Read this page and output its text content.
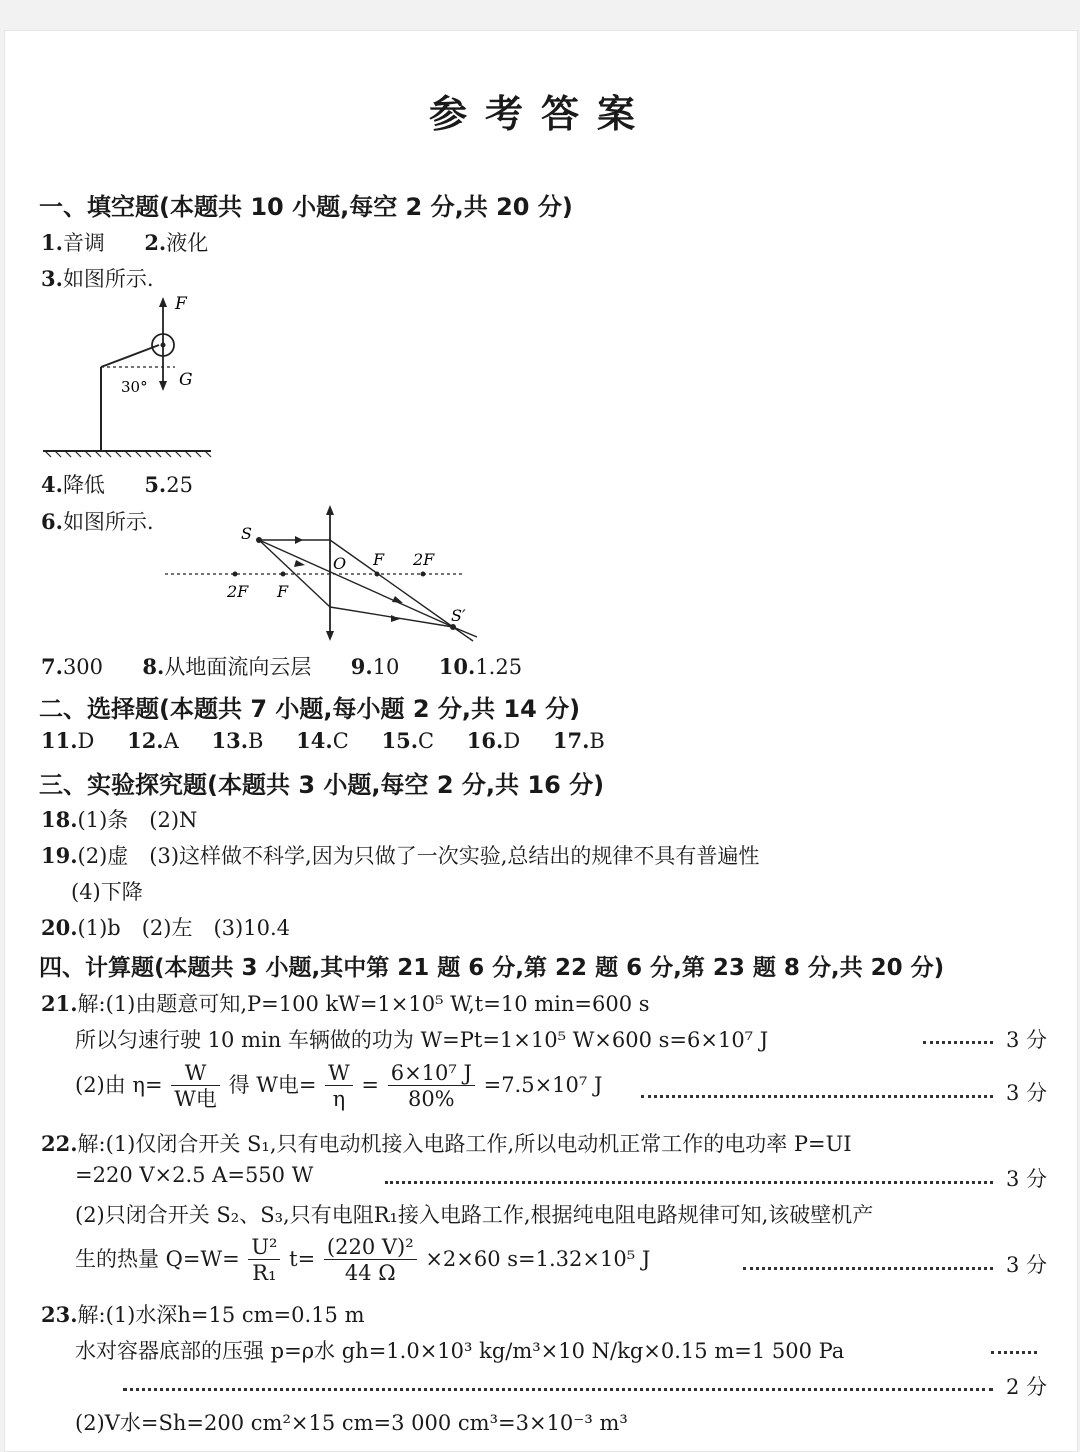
参考答案
一、填空题(本题共 10 小题,每空 2 分,共 20 分)
1.音调 2.液化
3.如图所示.
F
G
30°
4.降低 5.25
6.如图所示.	S
S′
O F 2F
2F F
7.300 8.从地面流向云层 9.10 10.1.25
二、选择题(本题共 7 小题,每小题 2 分,共 14 分)
11.D 12.A 13.B 14.C 15.C 16.D 17.B
三、实验探究题(本题共 3 小题,每空 2 分,共 16 分)
18.(1)条　(2)N
19.(2)虚　(3)这样做不科学,因为只做了一次实验,总结出的规律不具有普遍性
(4)下降
20.(1)b　(2)左　(3)10.4
四、计算题(本题共 3 小题,其中第 21 题 6 分,第 22 题 6 分,第 23 题 8 分,共 20 分)
21.解:(1)由题意可知,P=100 kW=1×10⁵ W,t=10 min=600 s
所以匀速行驶 10 min 车辆做的功为 W=Pt=1×10⁵ W×600 s=6×10⁷ J	3 分
(2)由 $\eta= \frac{W}{\text{W电}}$ 得 W电= $\frac{W}{\eta} = \frac{\text{6×10⁷ J}}{80\%} =7.5\times 10^7$ J	3 分
22.解:(1)仅闭合开关 S₁,只有电动机接入电路工作,所以电动机正常工作的电功率 P=UI
=220 V×2.5 A=550 W	3 分
(2)只闭合开关 S₂、S₃,只有电阻R₁接入电路工作,根据纯电阻电路规律可知,该破壁机产
生的热量 $Q=W= \frac{\text{U²}}{\text{R₁}} t= \frac{\text{(220 V)²}}{44 \Omega} \times 2\times 60$ s=1.32×10⁵ J	3 分
23.解:(1)水深h=15 cm=0.15 m
水对容器底部的压强 p=ρ水 gh=1.0×10³ kg/m³×10 N/kg×0.15 m=1 500 Pa
2 分
(2)V水=Sh=200 cm²×15 cm=3 000 cm³=3×10⁻³ m³
